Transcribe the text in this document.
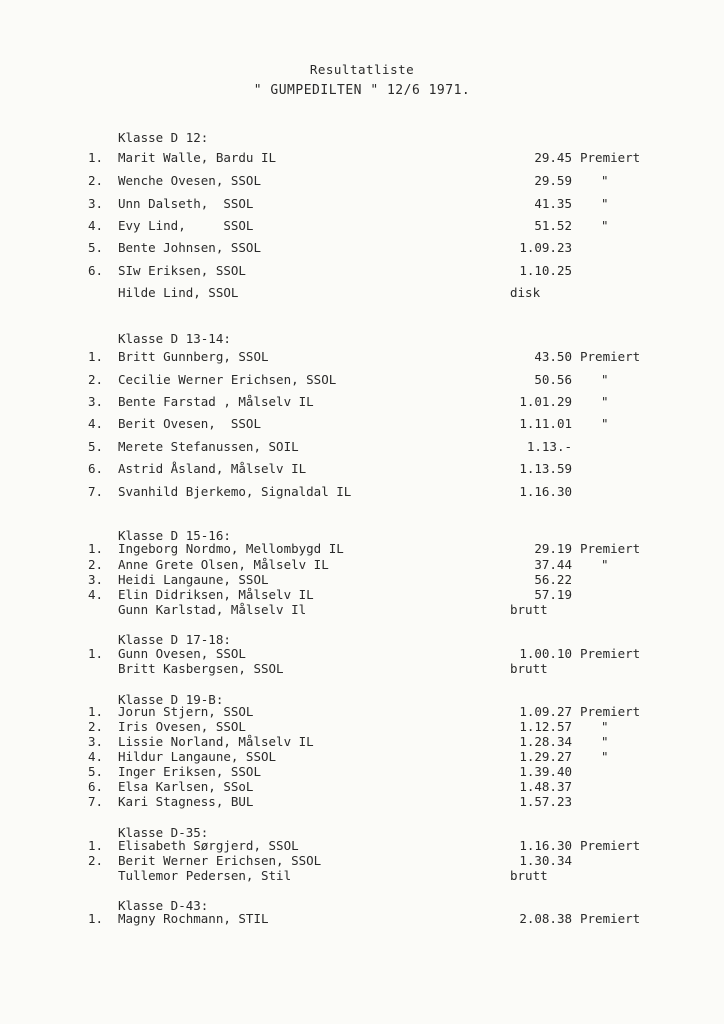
Resultatliste
" GUMPEDILTEN " 12/6 1971.
Klasse D 12:
1. Marit Walle, Bardu IL	29.45 Premiert
2. Wenche Ovesen, SSOL	29.59 "
3. Unn Dalseth,  SSOL	41.35 "
4. Evy Lind,     SSOL	51.52 "
5. Bente Johnsen, SSOL	1.09.23
6. SIw Eriksen, SSOL	1.10.25
Hilde Lind, SSOL	disk
Klasse D 13-14:
1. Britt Gunnberg, SSOL	43.50 Premiert
2. Cecilie Werner Erichsen, SSOL	50.56 "
3. Bente Farstad , Målselv IL	1.01.29 "
4. Berit Ovesen,  SSOL	1.11.01 "
5. Merete Stefanussen, SOIL	1.13.-
6. Astrid Åsland, Målselv IL	1.13.59
7. Svanhild Bjerkemo, Signaldal IL	1.16.30
Klasse D 15-16:
1. Ingeborg Nordmo, Mellombygd IL	29.19 Premiert
2. Anne Grete Olsen, Målselv IL	37.44 "
3. Heidi Langaune, SSOL	56.22
4. Elin Didriksen, Målselv IL	57.19
Gunn Karlstad, Målselv Il	brutt
Klasse D 17-18:
1. Gunn Ovesen, SSOL	1.00.10 Premiert
Britt Kasbergsen, SSOL	brutt
Klasse D 19-B:
1. Jorun Stjern, SSOL	1.09.27 Premiert
2. Iris Ovesen, SSOL	1.12.57 "
3. Lissie Norland, Målselv IL	1.28.34 "
4. Hildur Langaune, SSOL	1.29.27 "
5. Inger Eriksen, SSOL	1.39.40
6. Elsa Karlsen, SSoL	1.48.37
7. Kari Stagness, BUL	1.57.23
Klasse D-35:
1. Elisabeth Sørgjerd, SSOL	1.16.30 Premiert
2. Berit Werner Erichsen, SSOL	1.30.34
Tullemor Pedersen, Stil	brutt
Klasse D-43:
1. Magny Rochmann, STIL	2.08.38 Premiert
